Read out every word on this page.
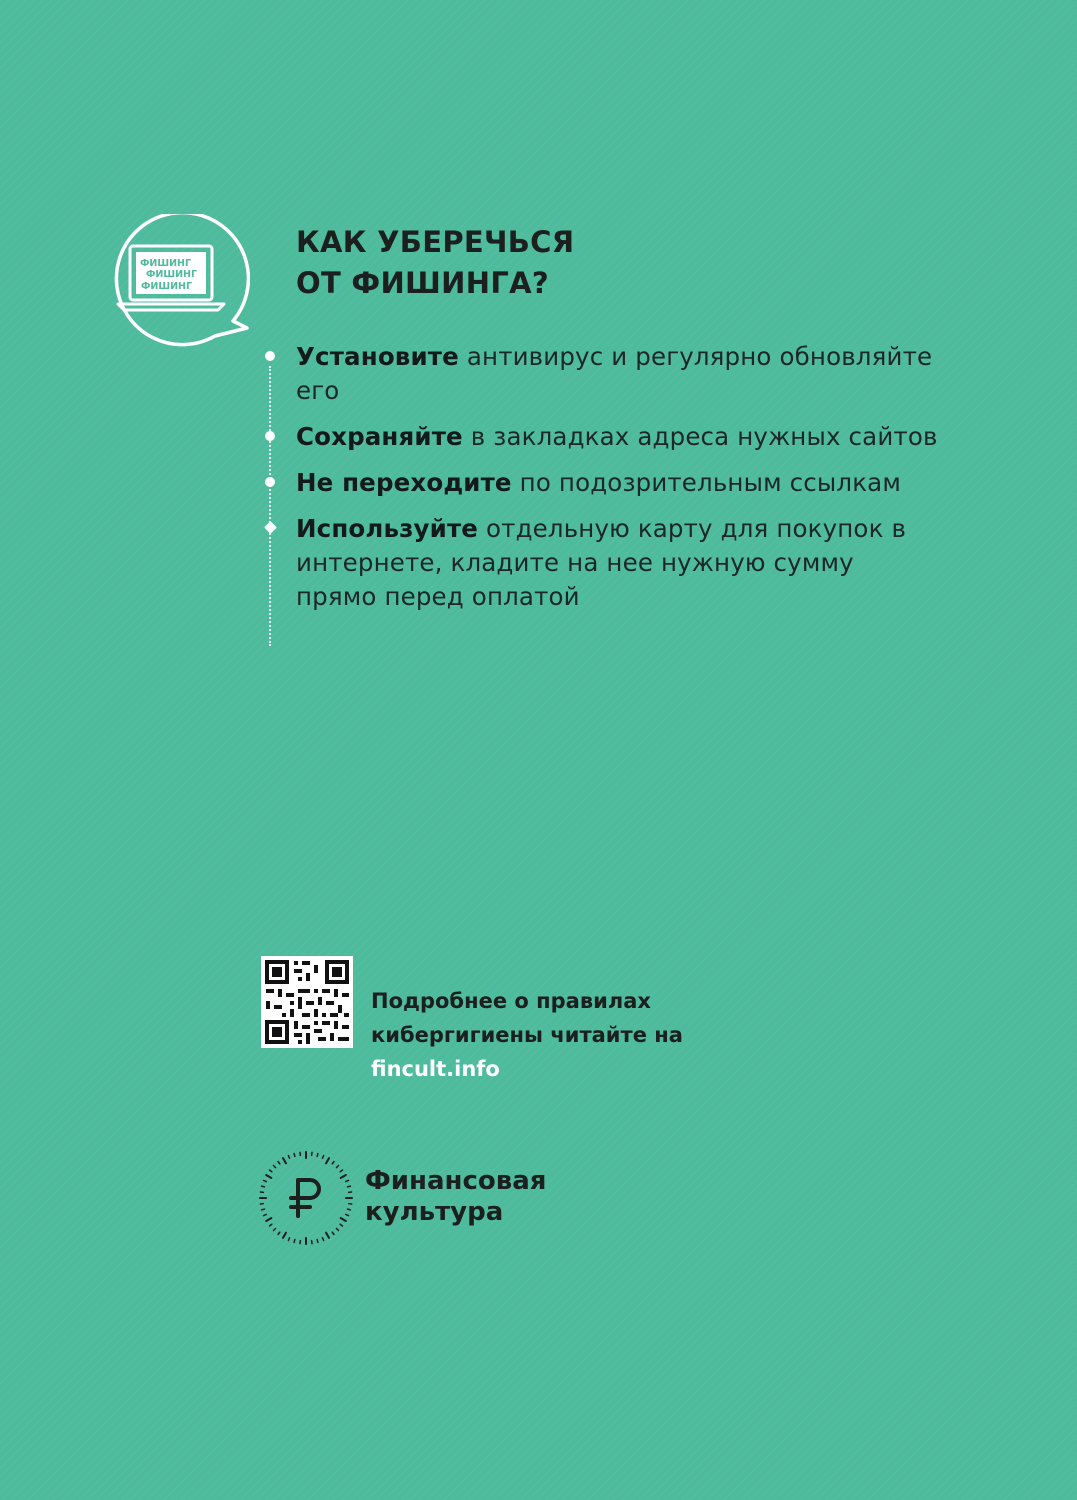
ФИШИНГ
ФИШИНГ
ФИШИНГ
КАК УБЕРЕЧЬСЯ
ОТ ФИШИНГА?
Установите антивирус и регулярно обновляйте его
Сохраняйте в закладках адреса нужных сайтов
Не переходите по подозрительным ссылкам
Используйте отдельную карту для покупок в интернете, кладите на нее нужную сумму прямо перед оплатой

Подробнее о правилах
кибергигиены читайте на
fincult.info

Финансовая
культура
